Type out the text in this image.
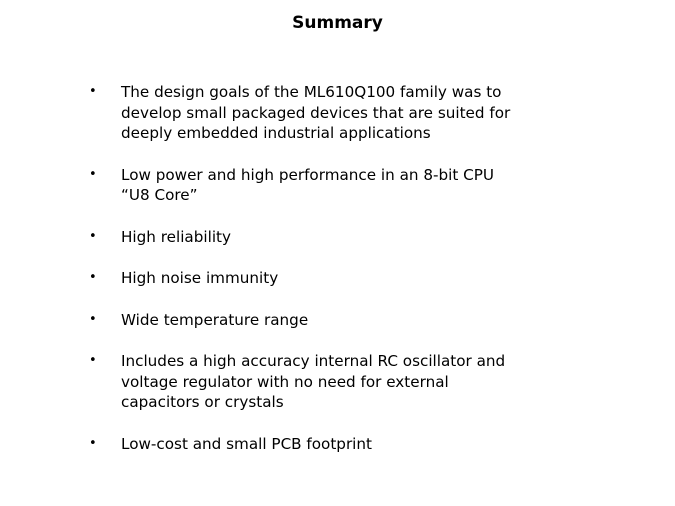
Summary
• The design goals of the ML610Q100 family was to
develop small packaged devices that are suited for
deeply embedded industrial applications
• Low power and high performance in an 8-bit CPU
“U8 Core”
• High reliability
• High noise immunity
• Wide temperature range
• Includes a high accuracy internal RC oscillator and
voltage regulator with no need for external
capacitors or crystals
• Low-cost and small PCB footprint
